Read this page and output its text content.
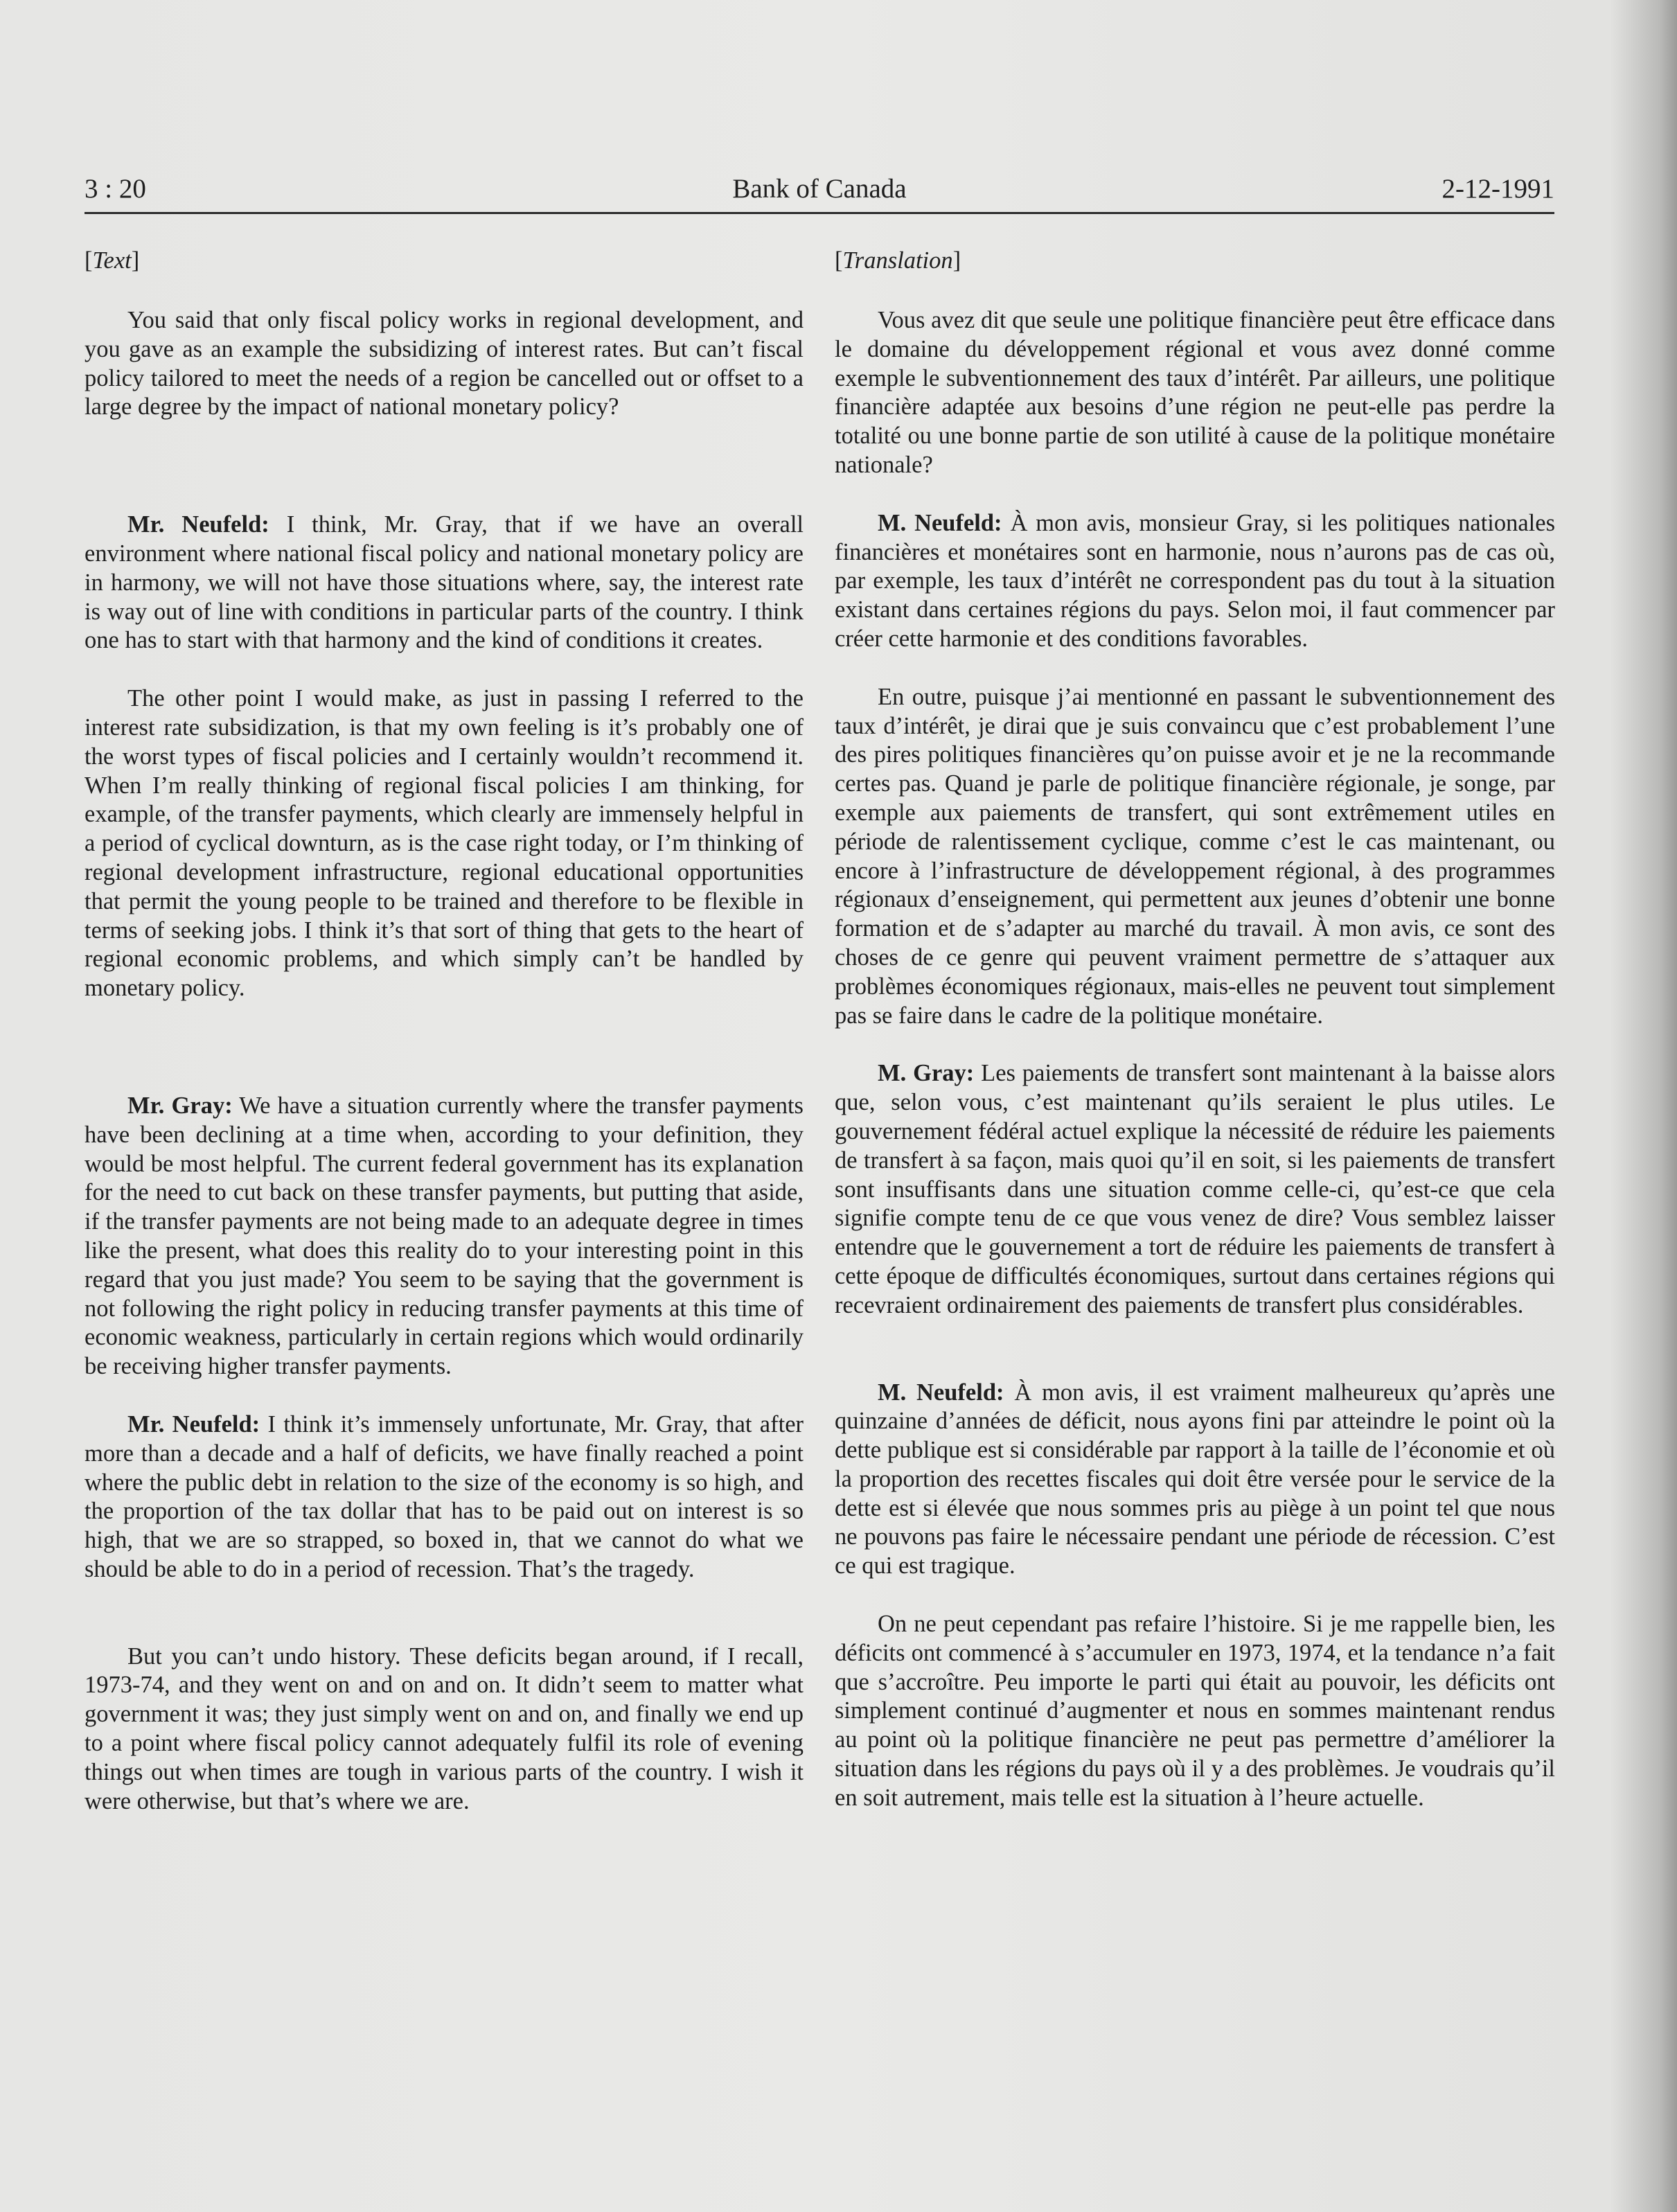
3 : 20	Bank of Canada	2-12-1991
[Text]

You said that only fiscal policy works in regional development, and you gave as an example the subsidizing of interest rates. But can’t fiscal policy tailored to meet the needs of a region be cancelled out or offset to a large degree by the impact of national monetary policy?

Mr. Neufeld: I think, Mr. Gray, that if we have an overall environment where national fiscal policy and national monetary policy are in harmony, we will not have those situations where, say, the interest rate is way out of line with conditions in particular parts of the country. I think one has to start with that harmony and the kind of conditions it creates.

The other point I would make, as just in passing I referred to the interest rate subsidization, is that my own feeling is it’s probably one of the worst types of fiscal policies and I certainly wouldn’t recommend it. When I’m really thinking of regional fiscal policies I am thinking, for example, of the transfer payments, which clearly are immensely helpful in a period of cyclical downturn, as is the case right today, or I’m thinking of regional development infrastructure, regional educational opportunities that permit the young people to be trained and therefore to be flexible in terms of seeking jobs. I think it’s that sort of thing that gets to the heart of regional economic problems, and which simply can’t be handled by monetary policy.

Mr. Gray: We have a situation currently where the transfer payments have been declining at a time when, according to your definition, they would be most helpful. The current federal government has its explanation for the need to cut back on these transfer payments, but putting that aside, if the transfer payments are not being made to an adequate degree in times like the present, what does this reality do to your interesting point in this regard that you just made? You seem to be saying that the government is not following the right policy in reducing transfer payments at this time of economic weakness, particularly in certain regions which would ordinarily be receiving higher transfer payments.

Mr. Neufeld: I think it’s immensely unfortunate, Mr. Gray, that after more than a decade and a half of deficits, we have finally reached a point where the public debt in relation to the size of the economy is so high, and the proportion of the tax dollar that has to be paid out on interest is so high, that we are so strapped, so boxed in, that we cannot do what we should be able to do in a period of recession. That’s the tragedy.

But you can’t undo history. These deficits began around, if I recall, 1973-74, and they went on and on and on. It didn’t seem to matter what government it was; they just simply went on and on, and finally we end up to a point where fiscal policy cannot adequately fulfil its role of evening things out when times are tough in various parts of the country. I wish it were otherwise, but that’s where we are.

[Translation]

Vous avez dit que seule une politique financière peut être efficace dans le domaine du développement régional et vous avez donné comme exemple le subventionnement des taux d’intérêt. Par ailleurs, une politique financière adaptée aux besoins d’une région ne peut-elle pas perdre la totalité ou une bonne partie de son utilité à cause de la politique monétaire nationale?

M. Neufeld: À mon avis, monsieur Gray, si les politiques nationales financières et monétaires sont en harmonie, nous n’aurons pas de cas où, par exemple, les taux d’intérêt ne correspondent pas du tout à la situation existant dans certaines régions du pays. Selon moi, il faut commencer par créer cette harmonie et des conditions favorables.

En outre, puisque j’ai mentionné en passant le subventionnement des taux d’intérêt, je dirai que je suis convaincu que c’est probablement l’une des pires politiques financières qu’on puisse avoir et je ne la recommande certes pas. Quand je parle de politique financière régionale, je songe, par exemple aux paiements de transfert, qui sont extrêmement utiles en période de ralentissement cyclique, comme c’est le cas maintenant, ou encore à l’infrastructure de développement régional, à des programmes régionaux d’enseignement, qui permettent aux jeunes d’obtenir une bonne formation et de s’adapter au marché du travail. À mon avis, ce sont des choses de ce genre qui peuvent vraiment permettre de s’attaquer aux problèmes économiques régionaux, mais-elles ne peuvent tout simplement pas se faire dans le cadre de la politique monétaire.

M. Gray: Les paiements de transfert sont maintenant à la baisse alors que, selon vous, c’est maintenant qu’ils seraient le plus utiles. Le gouvernement fédéral actuel explique la nécessité de réduire les paiements de transfert à sa façon, mais quoi qu’il en soit, si les paiements de transfert sont insuffisants dans une situation comme celle-ci, qu’est-ce que cela signifie compte tenu de ce que vous venez de dire? Vous semblez laisser entendre que le gouvernement a tort de réduire les paiements de transfert à cette époque de difficultés économiques, surtout dans certaines régions qui recevraient ordinairement des paiements de transfert plus considérables.

M. Neufeld: À mon avis, il est vraiment malheureux qu’après une quinzaine d’années de déficit, nous ayons fini par atteindre le point où la dette publique est si considérable par rapport à la taille de l’économie et où la proportion des recettes fiscales qui doit être versée pour le service de la dette est si élevée que nous sommes pris au piège à un point tel que nous ne pouvons pas faire le nécessaire pendant une période de récession. C’est ce qui est tragique.

On ne peut cependant pas refaire l’histoire. Si je me rappelle bien, les déficits ont commencé à s’accumuler en 1973, 1974, et la tendance n’a fait que s’accroître. Peu importe le parti qui était au pouvoir, les déficits ont simplement continué d’augmenter et nous en sommes maintenant rendus au point où la politique financière ne peut pas permettre d’améliorer la situation dans les régions du pays où il y a des problèmes. Je voudrais qu’il en soit autrement, mais telle est la situation à l’heure actuelle.
